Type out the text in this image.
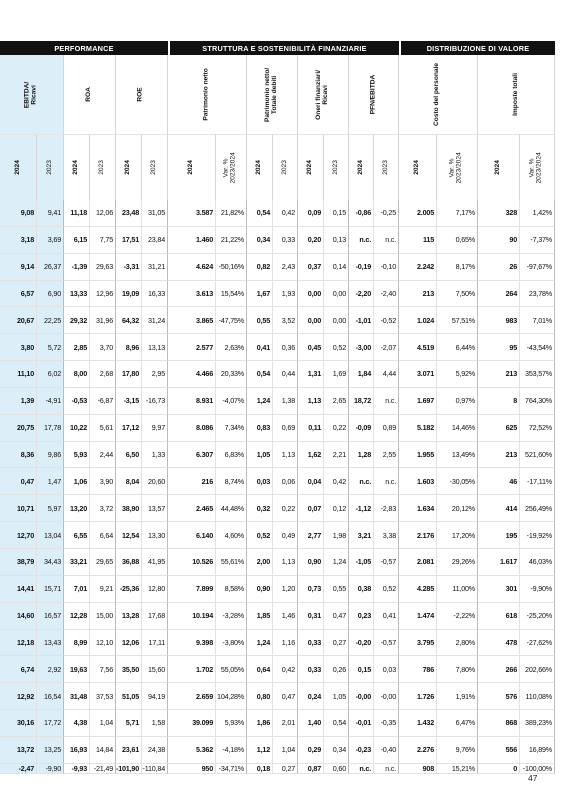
PERFORMANCE	STRUTTURA E SOSTENIBILITÀ FINANZIARIE	DISTRIBUZIONE DI VALORE
EBITDA/
Ricavi	ROA	ROE	Patrimonio netto	Patrimonio netto/
Totale debiti
Oneri finanziari/
Ricavi	PFN/EBITDA	Costo del personale	Imposte totali
2024	2023	2024	2023	2024	2023	2024	Var. %
2023/2024	2024	2023	2024	2023	2024	2023	2024	Var. %
2023/2024	2024	Var. %
2023/2024
9,08	9,41	11,18	12,06	23,48	31,05	3.587	21,82%	0,54	0,42	0,09	0,15	-0,86	-0,25	2.005	7,17%	328	1,42%
3,18	3,69	6,15	7,75	17,51	23,84	1.460	21,22%	0,34	0,33	0,20	0,13	n.c.	n.c.	115	0,65%	90	-7,37%
9,14	26,37	-1,39	29,63	-3,31	31,21	4.624 -50,16%	0,82	2,43	0,37	0,14	-0,19	-0,10	2.242	8,17%	26	-97,67%
6,57	6,90	13,33	12,96	19,09	16,33	3.613	15,54%	1,67	1,93	0,00	0,00	-2,20	-2,40	213	7,50%	264	23,78%
20,67	22,25	29,32	31,96	64,32	31,24	3.865 -47,75%	0,55	3,52	0,00	0,00	-1,01	-0,52	1.024	57,51%	983	7,01%
3,80	5,72	2,85	3,70	8,96	13,13	2.577	2,63%	0,41	0,36	0,45	0,52	-3,00	-2,07	4.519	6,44%	95	-43,54%
11,10	6,02	8,00	2,68	17,80	2,95	4.466	20,33%	0,54	0,44	1,31	1,69	1,84	4,44	3.071	5,92%	213	353,57%
1,39	-4,91	-0,53	-6,87	-3,15 -16,73	8.931	-4,07%	1,24	1,38	1,13	2,65	18,72	n.c.	1.697	0,97%	8	764,30%
20,75	17,78	10,22	5,61	17,12	9,97	8.086	7,34%	0,83	0,69	0,11	0,22	-0,09	0,89	5.182	14,46%	625	72,52%
8,36	9,86	5,93	2,44	6,50	1,33	6.307	6,83%	1,05	1,13	1,62	2,21	1,28	2,55	1.955	13,49%	213	521,60%
0,47	1,47	1,06	3,90	8,04	20,60	216	8,74%	0,03	0,06	0,04	0,42	n.c.	n.c.	1.603	-30,05%	46	-17,11%
10,71	5,97	13,20	3,72	38,90	13,57	2.465	44,48%	0,32	0,22	0,07	0,12	-1,12	-2,83	1.634	20,12%	414	256,49%
12,70	13,04	6,55	6,64	12,54	13,30	6.140	4,60%	0,52	0,49	2,77	1,98	3,21	3,38	2.176	17,20%	195	-19,92%
38,79	34,43	33,21	29,65	36,88	41,95	10.526	55,61%	2,00	1,13	0,90	1,24	-1,05	-0,57	2.081	29,26%	1.617	46,03%
14,41	15,71	7,01	9,21 -25,36	12,80	7.899	8,58%	0,90	1,20	0,73	0,55	0,38	0,52	4.285	11,00%	301	-9,90%
14,60	16,57	12,28	15,00	13,28	17,68	10.194	-3,28%	1,85	1,46	0,31	0,47	0,23	0,41	1.474	-2,22%	618	-25,20%
12,18	13,43	8,99	12,10	12,06	17,11	9.398	-3,80%	1,24	1,16	0,33	0,27	-0,20	-0,57	3.795	2,80%	478	-27,62%
6,74	2,92	19,63	7,56	35,50	15,60	1.702	55,05%	0,64	0,42	0,33	0,26	0,15	0,03	786	7,80%	266	202,66%
12,92	16,54	31,48	37,53	51,05	94,19	2.659 104,28%	0,80	0,47	0,24	1,05	-0,00	-0,00	1.726	1,91%	576	110,08%
30,16	17,72	4,38	1,04	5,71	1,58	39.099	5,93%	1,86	2,01	1,40	0,54	-0,01	-0,35	1.432	6,47%	868	389,23%
13,72	13,25	16,93	14,84	23,61	24,38	5.362	-4,18%	1,12	1,04	0,29	0,34	-0,23	-0,40	2.276	9,76%	556	16,89%
-2,47	-9,90	-9,93 -21,49 -101,90 -110,84	950 -34,71%	0,18	0,27	0,87	0,60	n.c.	n.c.	908	15,21%	0 -100,00%
47
